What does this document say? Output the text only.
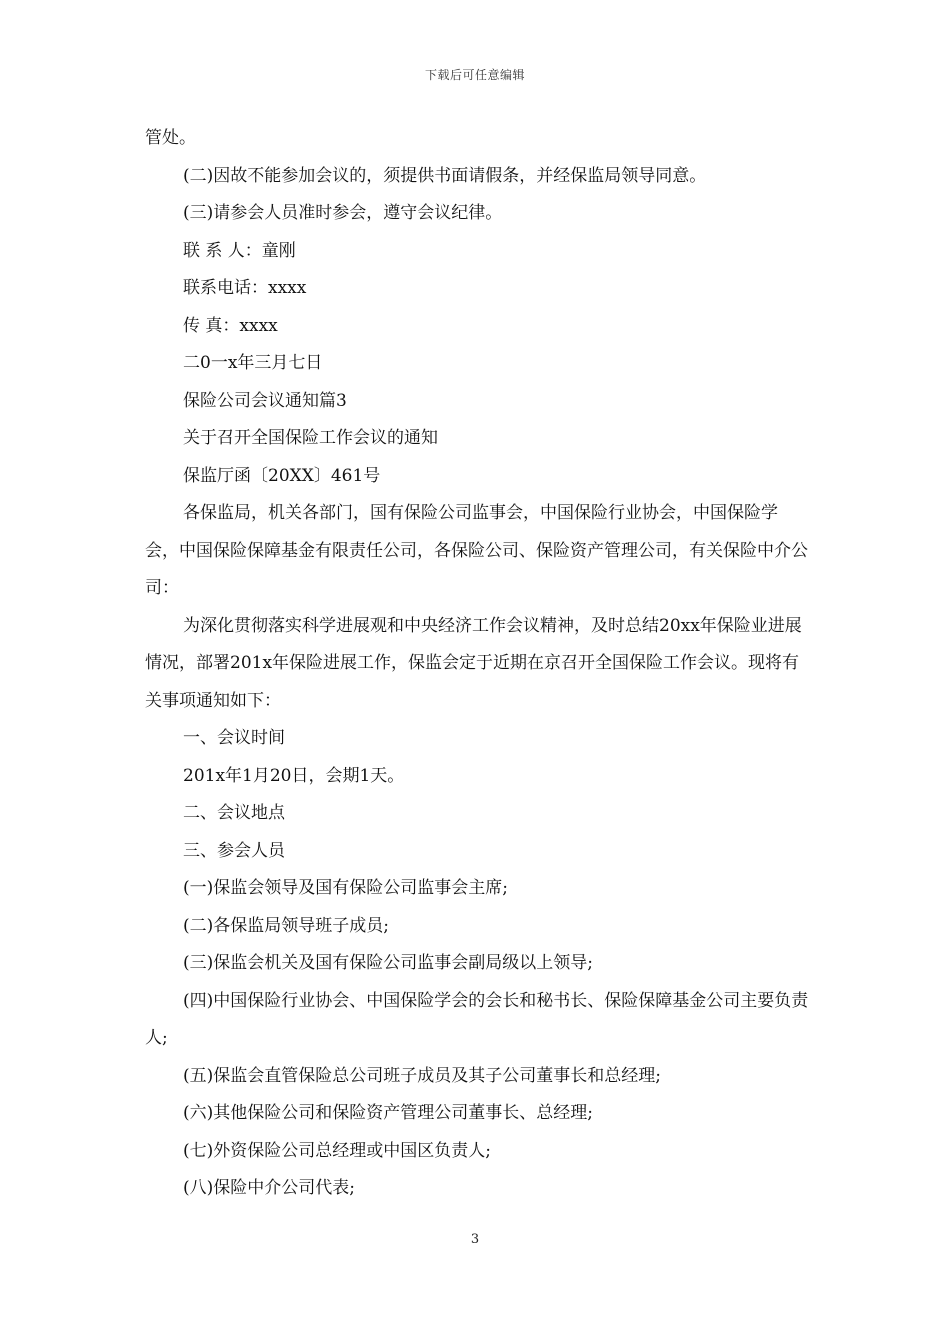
下载后可任意编辑

管处。

(二)因故不能参加会议的，须提供书面请假条，并经保监局领导同意。

(三)请参会人员准时参会，遵守会议纪律。

联 系 人：童刚

联系电话：xxxx

传 真：xxxx

二0一x年三月七日

保险公司会议通知篇3

关于召开全国保险工作会议的通知

保监厅函〔20XX〕461号

各保监局，机关各部门，国有保险公司监事会，中国保险行业协会，中国保险学会，中国保险保障基金有限责任公司，各保险公司、保险资产管理公司，有关保险中介公司：

为深化贯彻落实科学进展观和中央经济工作会议精神，及时总结20xx年保险业进展情况，部署201x年保险进展工作，保监会定于近期在京召开全国保险工作会议。现将有关事项通知如下：

一、会议时间

201x年1月20日，会期1天。

二、会议地点

三、参会人员

(一)保监会领导及国有保险公司监事会主席;

(二)各保监局领导班子成员;

(三)保监会机关及国有保险公司监事会副局级以上领导;

(四)中国保险行业协会、中国保险学会的会长和秘书长、保险保障基金公司主要负责人;

(五)保监会直管保险总公司班子成员及其子公司董事长和总经理;

(六)其他保险公司和保险资产管理公司董事长、总经理;

(七)外资保险公司总经理或中国区负责人;

(八)保险中介公司代表;

3
